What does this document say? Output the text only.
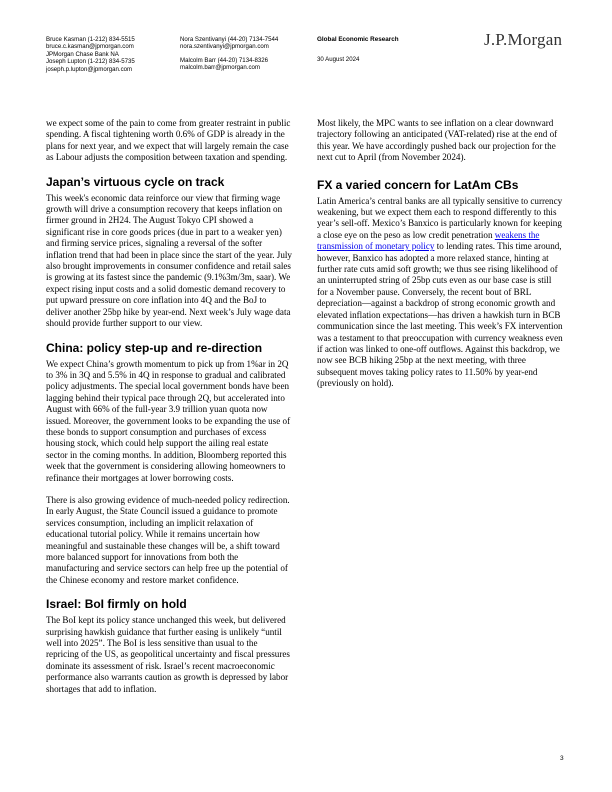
Bruce Kasman (1-212) 834-5515
bruce.c.kasman@jpmorgan.com
JPMorgan Chase Bank NA
Joseph Lupton (1-212) 834-5735
joseph.p.lupton@jpmorgan.com
Nora Szentivanyi (44-20) 7134-7544
nora.szentivanyi@jpmorgan.com
Malcolm Barr (44-20) 7134-8326
malcolm.barr@jpmorgan.com
Global Economic Research
30 August 2024
J.P.Morgan

we expect some of the pain to come from greater restraint in public spending. A fiscal tightening worth 0.6% of GDP is already in the plans for next year, and we expect that will largely remain the case as Labour adjusts the composition between taxation and spending.

Japan’s virtuous cycle on track

This week's economic data reinforce our view that firming wage growth will drive a consumption recovery that keeps inflation on firmer ground in 2H24. The August Tokyo CPI showed a significant rise in core goods prices (due in part to a weaker yen) and firming service prices, signaling a reversal of the softer inflation trend that had been in place since the start of the year. July also brought improvements in consumer confidence and retail sales is growing at its fastest since the pandemic (9.1%3m/3m, saar). We expect rising input costs and a solid domestic demand recovery to put upward pressure on core inflation into 4Q and the BoJ to deliver another 25bp hike by year-end. Next week’s July wage data should provide further support to our view.

China: policy step-up and re-direction

We expect China’s growth momentum to pick up from 1%ar in 2Q to 3% in 3Q and 5.5% in 4Q in response to gradual and calibrated policy adjustments. The special local government bonds have been lagging behind their typical pace through 2Q, but accelerated into August with 66% of the full-year 3.9 trillion yuan quota now issued. Moreover, the government looks to be expanding the use of these bonds to support consumption and purchases of excess housing stock, which could help support the ailing real estate sector in the coming months. In addition, Bloomberg reported this week that the government is considering allowing homeowners to refinance their mortgages at lower borrowing costs.

There is also growing evidence of much-needed policy redirection. In early August, the State Council issued a guidance to promote services consumption, including an implicit relaxation of educational tutorial policy. While it remains uncertain how meaningful and sustainable these changes will be, a shift toward more balanced support for innovations from both the manufacturing and service sectors can help free up the potential of the Chinese economy and restore market confidence.

Israel: BoI firmly on hold

The BoI kept its policy stance unchanged this week, but delivered surprising hawkish guidance that further easing is unlikely “until well into 2025”. The BoI is less sensitive than usual to the repricing of the US, as geopolitical uncertainty and fiscal pressures dominate its assessment of risk. Israel’s recent macroeconomic performance also warrants caution as growth is depressed by labor shortages that add to inflation.

Most likely, the MPC wants to see inflation on a clear downward trajectory following an anticipated (VAT-related) rise at the end of this year. We have accordingly pushed back our projection for the next cut to April (from November 2024).

FX a varied concern for LatAm CBs

Latin America’s central banks are all typically sensitive to currency weakening, but we expect them each to respond differently to this year’s sell-off. Mexico’s Banxico is particularly known for keeping a close eye on the peso as low credit penetration weakens the transmission of monetary policy to lending rates. This time around, however, Banxico has adopted a more relaxed stance, hinting at further rate cuts amid soft growth; we thus see rising likelihood of an uninterrupted string of 25bp cuts even as our base case is still for a November pause. Conversely, the recent bout of BRL depreciation—against a backdrop of strong economic growth and elevated inflation expectations—has driven a hawkish turn in BCB communication since the last meeting. This week’s FX intervention was a testament to that preoccupation with currency weakness even if action was linked to one-off outflows. Against this backdrop, we now see BCB hiking 25bp at the next meeting, with three subsequent moves taking policy rates to 11.50% by year-end (previously on hold).

3
